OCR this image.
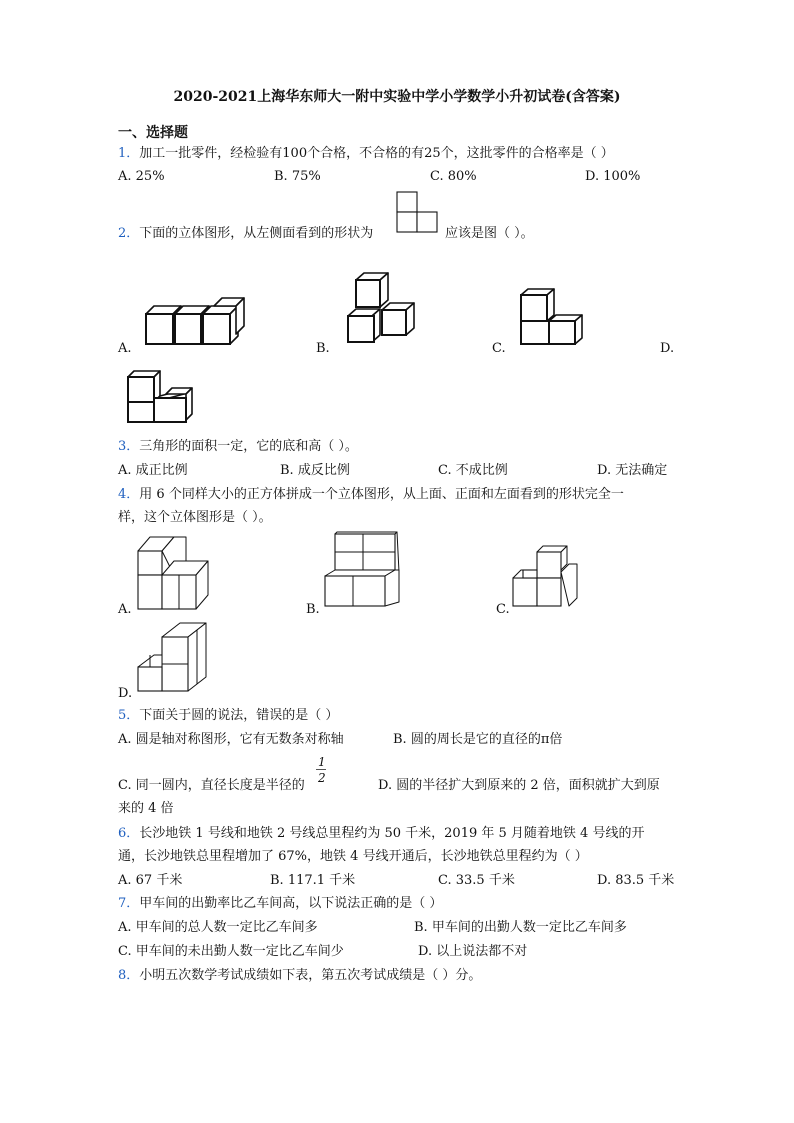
2020-2021上海华东师大一附中实验中学小学数学小升初试卷(含答案)
一、选择题
1．加工一批零件，经检验有100个合格，不合格的有25个，这批零件的合格率是（ ）
A. 25%	B. 75%	C. 80%	D. 100%
2．下面的立体图形，从左侧面看到的形状为	应该是图（ ）。
A.	B.	C.	D.
3．三角形的面积一定，它的底和高（ ）。
A. 成正比例	B. 成反比例	C. 不成比例	D. 无法确定
4．用 6 个同样大小的正方体拼成一个立体图形，从上面、正面和左面看到的形状完全一
样，这个立体图形是（ ）。
A.	B.	C.
D.
5．下面关于圆的说法，错误的是（ ）
A. 圆是轴对称图形，它有无数条对称轴	B. 圆的周长是它的直径的π倍
C. 同一圆内，直径长度是半径的
1
2	D. 圆的半径扩大到原来的 2 倍，面积就扩大到原
来的 4 倍
6．长沙地铁 1 号线和地铁 2 号线总里程约为 50 千米，2019 年 5 月随着地铁 4 号线的开
通，长沙地铁总里程增加了 67%，地铁 4 号线开通后，长沙地铁总里程约为（ ）
A. 67 千米	B. 117.1 千米	C. 33.5 千米	D. 83.5 千米
7．甲车间的出勤率比乙车间高，以下说法正确的是（ ）
A. 甲车间的总人数一定比乙车间多	B. 甲车间的出勤人数一定比乙车间多
C. 甲车间的未出勤人数一定比乙车间少	D. 以上说法都不对
8．小明五次数学考试成绩如下表，第五次考试成绩是（ ）分。
